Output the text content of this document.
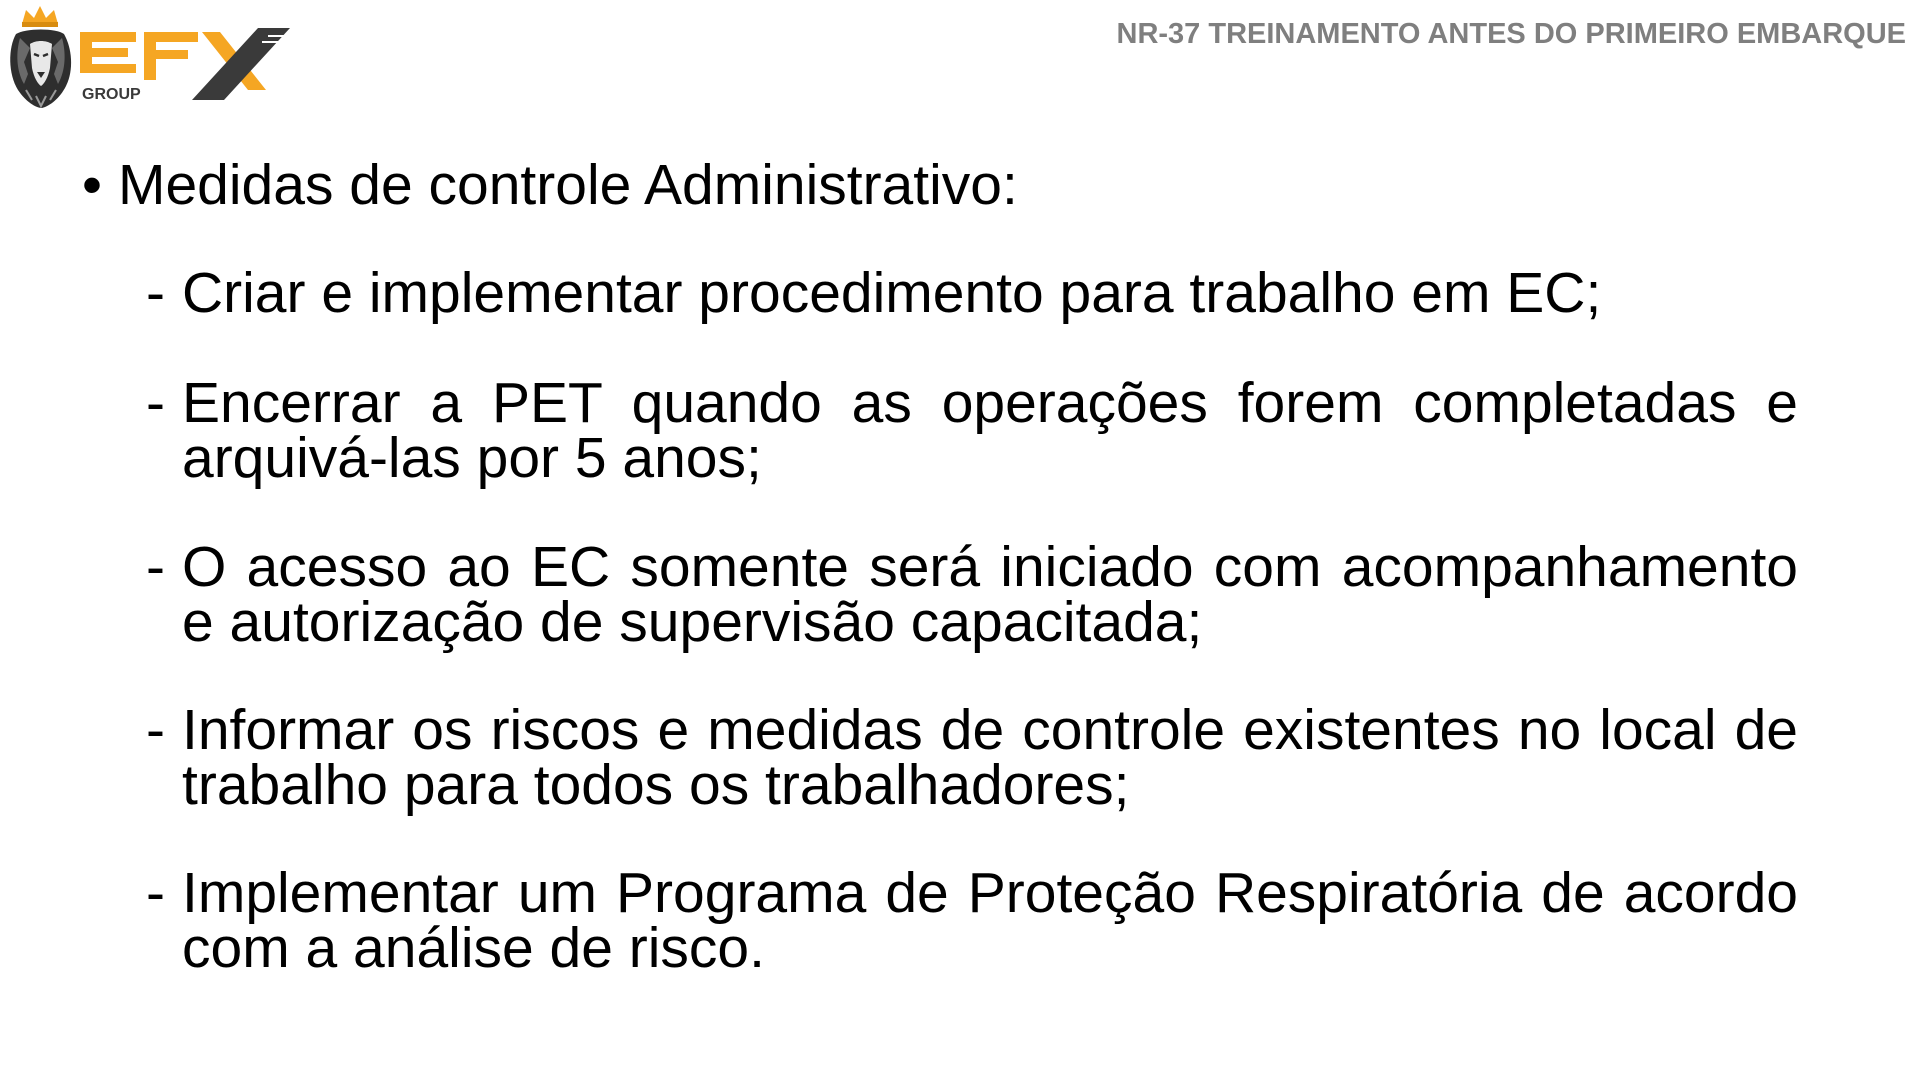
GROUP
NR-37 TREINAMENTO ANTES DO PRIMEIRO EMBARQUE
• Medidas de controle Administrativo:
- Criar e implementar procedimento para trabalho em EC;
- Encerrar a PET quando as operações forem completadas e arquivá-las por 5 anos;
- O acesso ao EC somente será iniciado com acompanhamento e autorização de supervisão capacitada;
- Informar os riscos e medidas de controle existentes no local de trabalho para todos os trabalhadores;
- Implementar um Programa de Proteção Respiratória de acordo com a análise de risco.
